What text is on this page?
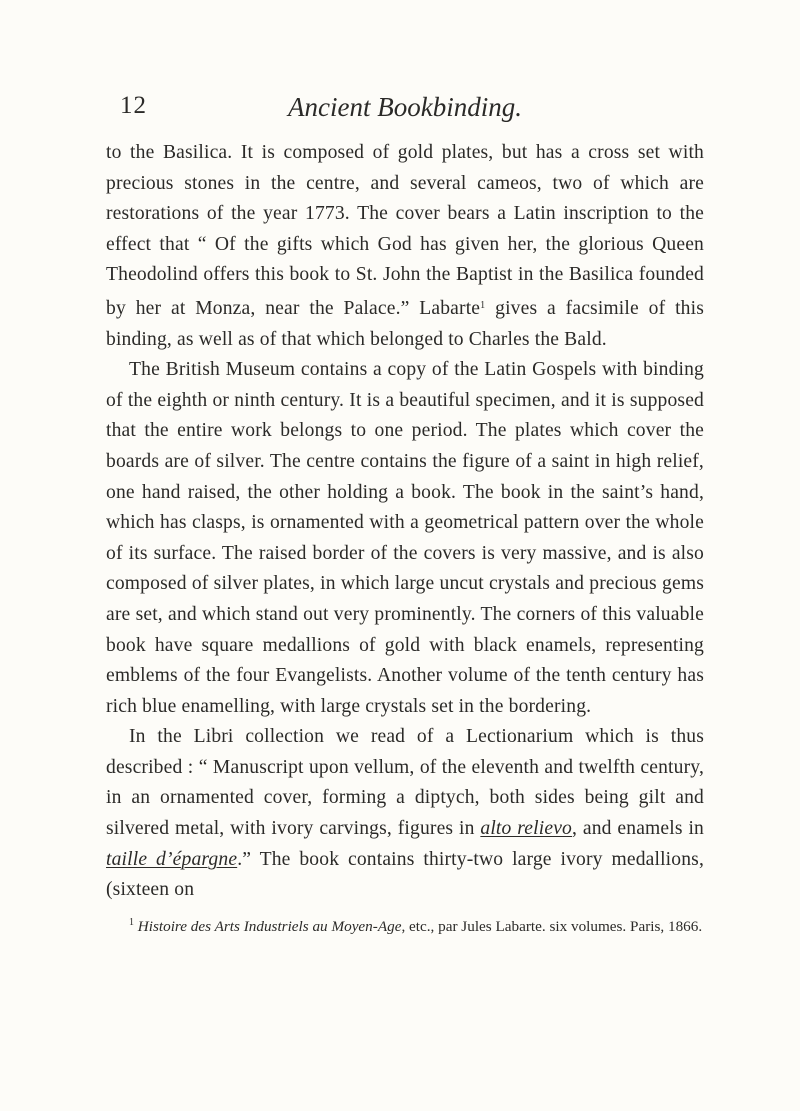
12	Ancient Bookbinding.

to the Basilica. It is composed of gold plates, but has a cross set with precious stones in the centre, and several cameos, two of which are restorations of the year 1773. The cover bears a Latin inscription to the effect that “ Of the gifts which God has given her, the glorious Queen Theodolind offers this book to St. John the Baptist in the Basilica founded by her at Monza, near the Palace.” Labarte$^1$ gives a facsimile of this binding, as well as of that which belonged to Charles the Bald.

The British Museum contains a copy of the Latin Gospels with binding of the eighth or ninth century. It is a beautiful specimen, and it is supposed that the entire work belongs to one period. The plates which cover the boards are of silver. The centre contains the figure of a saint in high relief, one hand raised, the other holding a book. The book in the saint’s hand, which has clasps, is ornamented with a geometrical pattern over the whole of its surface. The raised border of the covers is very massive, and is also composed of silver plates, in which large uncut crystals and precious gems are set, and which stand out very prominently. The corners of this valuable book have square medallions of gold with black enamels, representing emblems of the four Evangelists. Another volume of the tenth century has rich blue enamelling, with large crystals set in the bordering.

In the Libri collection we read of a Lectionarium which is thus described : “ Manuscript upon vellum, of the eleventh and twelfth century, in an ornamented cover, forming a diptych, both sides being gilt and silvered metal, with ivory carvings, figures in alto relievo, and enamels in taille d’épargne.” The book contains thirty-two large ivory medallions, (sixteen on

$^1$ Histoire des Arts Industriels au Moyen-Age, etc., par Jules Labarte. six volumes. Paris, 1866.
